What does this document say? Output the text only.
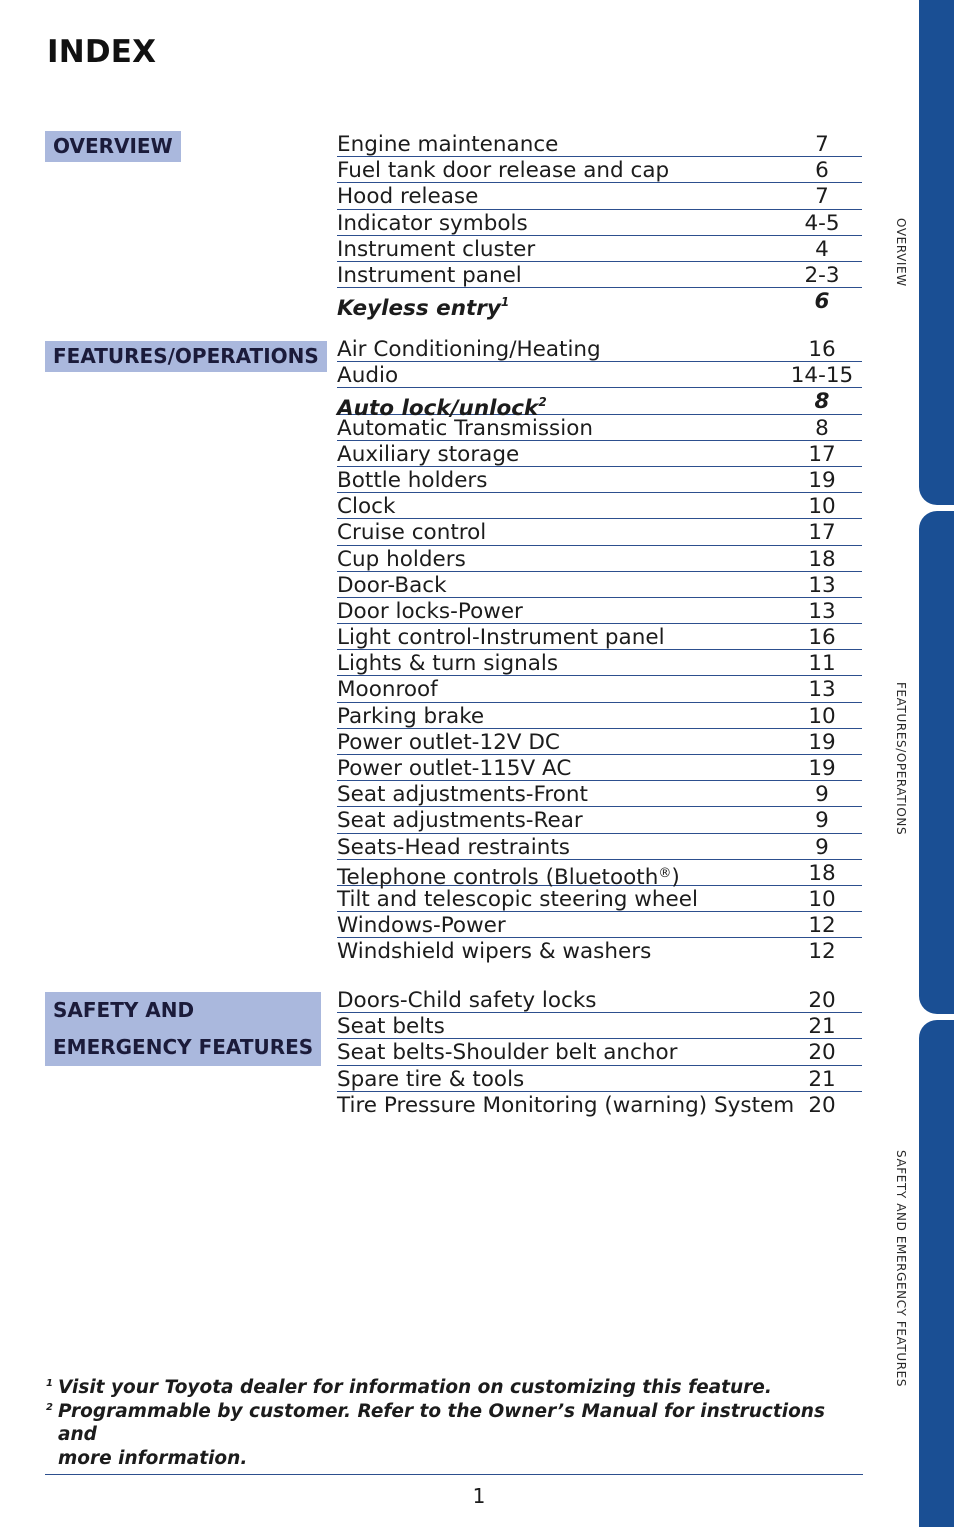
INDEX
OVERVIEW
FEATURES/OPERATIONS
SAFETY AND
EMERGENCY FEATURES
Engine maintenance	7
Fuel tank door release and cap	6
Hood release	7
Indicator symbols	4-5
Instrument cluster	4
Instrument panel	2-3
Keyless entry$^1$	6
Air Conditioning/Heating	16
Audio	14-15
Auto lock/unlock$^2$	8
Automatic Transmission	8
Auxiliary storage	17
Bottle holders	19
Clock	10
Cruise control	17
Cup holders	18
Door-Back	13
Door locks-Power	13
Light control-Instrument panel	16
Lights & turn signals	11
Moonroof	13
Parking brake	10
Power outlet-12V DC	19
Power outlet-115V AC	19
Seat adjustments-Front	9
Seat adjustments-Rear	9
Seats-Head restraints	9
Telephone controls (Bluetooth®)	18
Tilt and telescopic steering wheel	10
Windows-Power	12
Windshield wipers & washers	12
Doors-Child safety locks	20
Seat belts	21
Seat belts-Shoulder belt anchor	20
Spare tire & tools	21
Tire Pressure Monitoring (warning) System 20
1 Visit your Toyota dealer for information on customizing this feature.
2 Programmable by customer. Refer to the Owner’s Manual for instructions and
more information.
1
OVERVIEW
FEATURES/OPERATIONS
SAFETY AND EMERGENCY FEATURES
